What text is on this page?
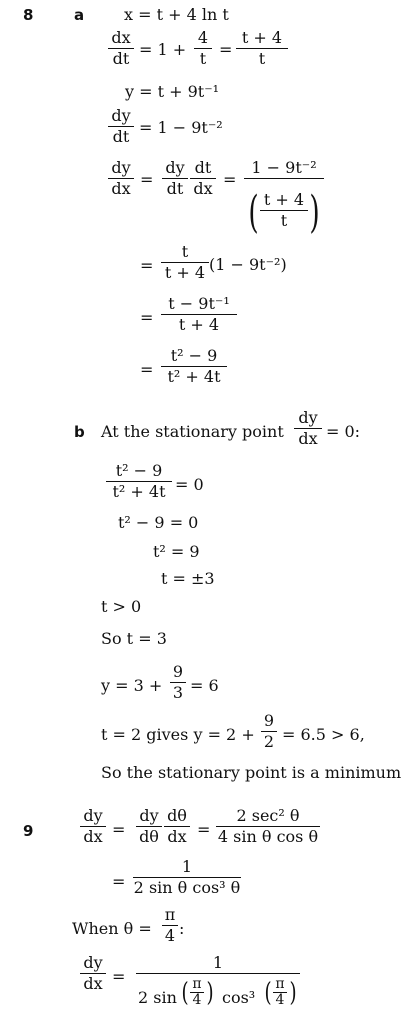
8	a x = t + 4 ln t
dx
dt = 1 +
4
t =
t + 4
t
y = t + 9t⁻¹
dy
dt = 1 − 9t⁻²
dy
dx =
dy
dt
dt
dx =
1 − 9t⁻²
( t + 4
t )
=
t
t + 4 (1 − 9t⁻²)
=
t − 9t⁻¹
t + 4
=
t² − 9
t² + 4t
b At the stationary point
dy
dx = 0:
t² − 9
t² + 4t = 0
t² − 9 = 0
t² = 9
t = ±3
t > 0
So t = 3
y = 3 +
9
3 = 6
t = 2 gives y = 2 +
9
2 = 6.5 > 6,
So the stationary point is a minimum
9
dy
dx =
dy
dθ
dθ
dx =
2 sec² θ
4 sin θ cos θ
=
1
2 sin θ cos³ θ
When θ =
π
4 :
dy
dx =
1
2 sin ( π
4 ) cos³ ( π
4 )
